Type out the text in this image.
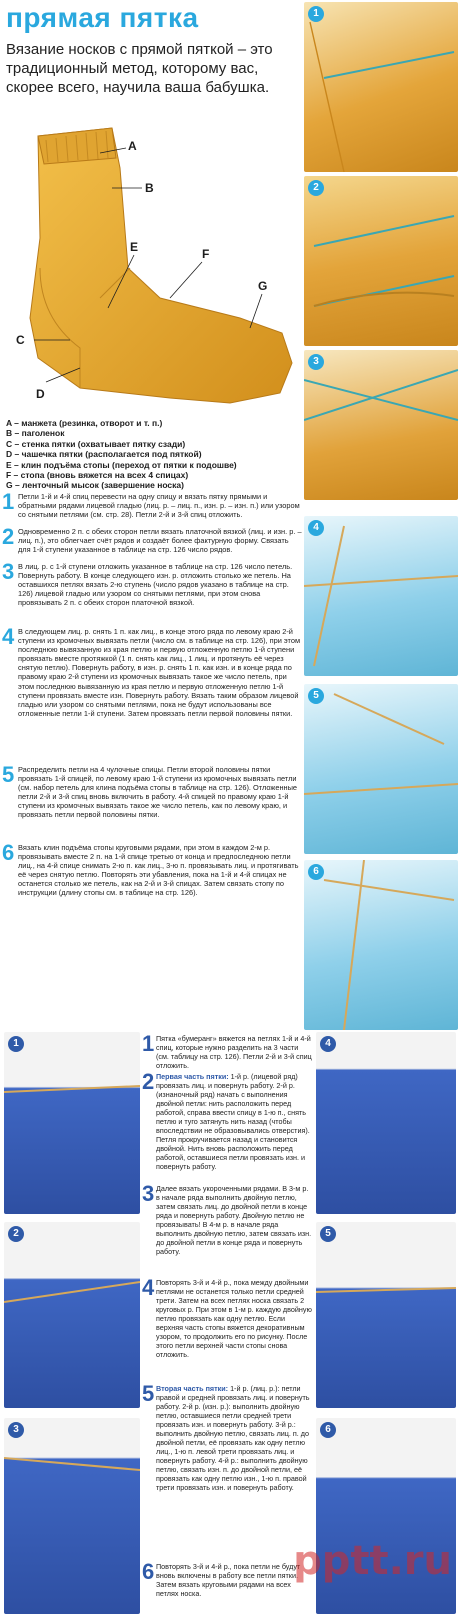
прямая пятка
Вязание носков с прямой пяткой – это традиционный метод, которому вас, скорее всего, научила ваша бабушка.
A
B
C
D
E	F
G
A – манжета (резинка, отворот и т. п.)
B – паголенок
C – стенка пятки (охватывает пятку сзади)
D – чашечка пятки (располагается под пяткой)
E – клин подъёма стопы (переход от пятки к подошве)
F – стопа (вновь вяжется на всех 4 спицах)
G – ленточный мысок (завершение носка)
1 Петли 1-й и 4-й спиц перевести на одну спицу и вязать пятку прямыми и обратными рядами лицевой гладью (лиц. р. – лиц. п., изн. р. – изн. п.) или узором со снятыми петлями (см. стр. 28). Петли 2-й и 3-й спиц отложить.
2 Одновременно 2 п. с обеих сторон петли вязать платочной вязкой (лиц. и изн. р. – лиц. п.), это облегчает счёт рядов и создаёт более фактурную форму. Связать для 1-й ступени указанное в таблице на стр. 126 число рядов.
3 В лиц. р. с 1-й ступени отложить указанное в таблице на стр. 126 число петель. Повернуть работу. В конце следующего изн. р. отложить столько же петель. На оставшихся петлях вязать 2-ю ступень (число рядов указано в таблице на стр. 126) лицевой гладью или узором со снятыми петлями, при этом снова провязывать 2 п. с обеих сторон платочной вязкой.
4 В следующем лиц. р. снять 1 п. как лиц., в конце этого ряда по левому краю 2-й ступени из кромочных вывязать петли (число см. в таблице на стр. 126), при этом последнюю вывязанную из края петлю и первую отложенную петлю 1-й ступени провязать вместе протяжкой (1 п. снять как лиц., 1 лиц. и протянуть её через снятую петлю). Повернуть работу, в изн. р. снять 1 п. как изн. и в конце ряда по правому краю 2-й ступени из кромочных вывязать такое же число петель, при этом последнюю вывязанную из края петлю и первую отложенную петлю 1-й ступени провязать вместе изн. Повернуть работу. Вязать таким образом лицевой гладью или узором со снятыми петлями, пока не будут использованы все отложенные петли 1-й ступени. Затем провязать петли первой половины пятки.
5 Распределить петли на 4 чулочные спицы. Петли второй половины пятки провязать 1-й спицей, по левому краю 1-й ступени из кромочных вывязать петли (см. набор петель для клина подъёма стопы в таблице на стр. 126). Отложенные петли 2-й и 3-й спиц вновь включить в работу. 4-й спицей по правому краю 1-й ступени из кромочных вывязать такое же число петель, как по левому краю, и провязать петли первой половины пятки.
6 Вязать клин подъёма стопы круговыми рядами, при этом в каждом 2-м р. провязывать вместе 2 п. на 1-й спице третью от конца и предпоследнюю петли лиц., на 4-й спице снимать 2-ю п. как лиц., 3-ю п. провязывать лиц. и протягивать её через снятую петлю. Повторять эти убавления, пока на 1-й и 4-й спицах не останется столько же петель, как на 2-й и 3-й спицах. Затем связать стопу по инструкции (длину стопы см. в таблице на стр. 126).
1
2
3
4
5
6
1
2
3
4
5
6
1 Пятка «бумеранг» вяжется на петлях 1-й и 4-й спиц, которые нужно разделить на 3 части (см. таблицу на стр. 126). Петли 2-й и 3-й спиц отложить.
2 Первая часть пятки: 1-й р. (лицевой ряд) провязать лиц. и повернуть работу. 2-й р. (изнаночный ряд) начать с выполнения двойной петли: нить расположить перед работой, справа ввести спицу в 1-ю п., снять петлю и туго затянуть нить назад (чтобы впоследствии не образовывались отверстия). Петля прокручивается назад и становится двойной. Нить вновь расположить перед работой, оставшиеся петли провязать изн. и повернуть работу.
3 Далее вязать укороченными рядами. В 3-м р. в начале ряда выполнить двойную петлю, затем связать лиц. до двойной петли в конце ряда и повернуть работу. Двойную петлю не провязывать! В 4-м р. в начале ряда выполнить двойную петлю, затем связать изн. до двойной петли в конце ряда и повернуть работу.
4 Повторять 3-й и 4-й р., пока между двойными петлями не останется только петли средней трети. Затем на всех петлях носка связать 2 круговых р. При этом в 1-м р. каждую двойную петлю провязать как одну петлю. Если верхняя часть стопы вяжется декоративным узором, то продолжить его по рисунку. После этого петли верхней части стопы снова отложить.
5 Вторая часть пятки: 1-й р. (лиц. р.): петли правой и средней провязать лиц. и повернуть работу. 2-й р. (изн. р.): выполнить двойную петлю, оставшиеся петли средней трети провязать изн. и повернуть работу. 3-й р.: выполнить двойную петлю, связать лиц. п. до двойной петли, её провязать как одну петлю лиц., 1-ю п. левой трети провязать лиц. и повернуть работу. 4-й р.: выполнить двойную петлю, связать изн. п. до двойной петли, её провязать как одну петлю изн., 1-ю п. правой трети провязать изн. и повернуть работу.
6 Повторять 3-й и 4-й р., пока петли не будут вновь включены в работу все петли пятки. Затем вязать круговыми рядами на всех петлях носка.
pptt.ru
